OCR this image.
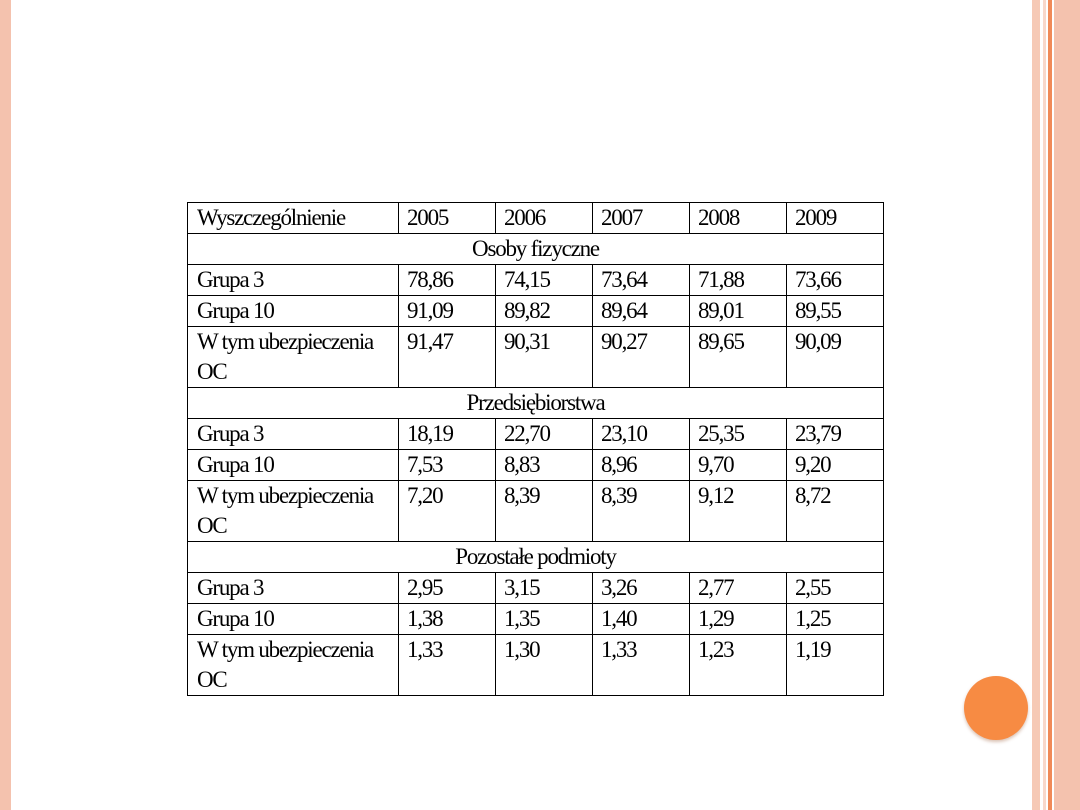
Wyszczególnienie	2005	2006	2007	2008	2009
Osoby fizyczne					
Grupa 3	78,86	74,15	73,64	71,88	73,66
Grupa 10	91,09	89,82	89,64	89,01	89,55
W tym ubezpieczenia OC	91,47	90,31	90,27	89,65	90,09
Przedsiębiorstwa					
Grupa 3	18,19	22,70	23,10	25,35	23,79
Grupa 10	7,53	8,83	8,96	9,70	9,20
W tym ubezpieczenia OC	7,20	8,39	8,39	9,12	8,72
Pozostałe podmioty					
Grupa 3	2,95	3,15	3,26	2,77	2,55
Grupa 10	1,38	1,35	1,40	1,29	1,25
W tym ubezpieczenia OC	1,33	1,30	1,33	1,23	1,19
